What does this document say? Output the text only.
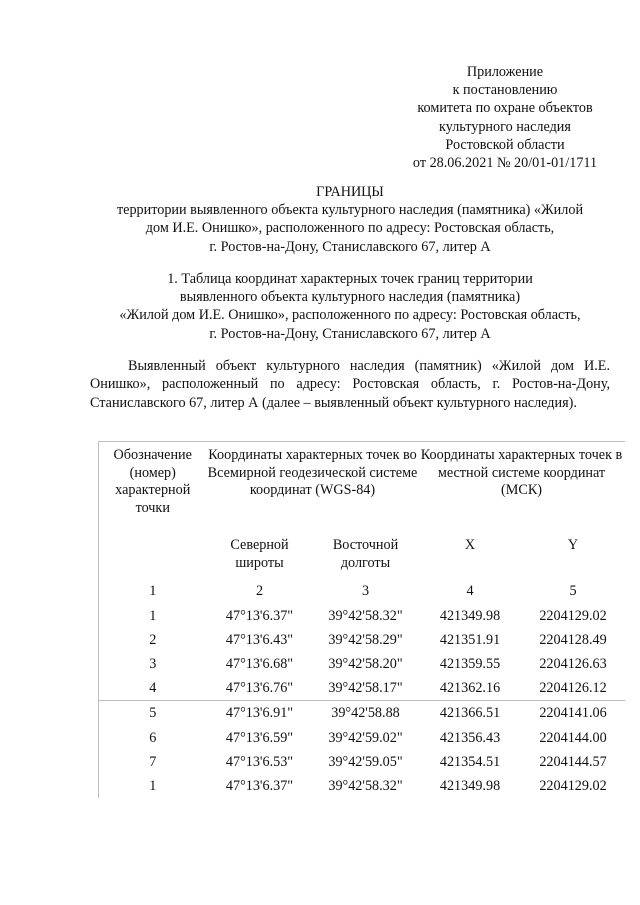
Приложение
к постановлению
комитета по охране объектов
культурного наследия
Ростовской области
от 28.06.2021 № 20/01-01/1711
ГРАНИЦЫ
территории выявленного объекта культурного наследия (памятника) «Жилой
дом И.Е. Онишко», расположенного по адресу: Ростовская область,
г. Ростов-на-Дону, Станиславского 67, литер А
1. Таблица координат характерных точек границ территории
выявленного объекта культурного наследия (памятника)
«Жилой дом И.Е. Онишко», расположенного по адресу: Ростовская область,
г. Ростов-на-Дону, Станиславского 67, литер А
Выявленный объект культурного наследия (памятник) «Жилой дом И.Е. Онишко», расположенный по адресу: Ростовская область, г. Ростов-на-Дону, Станиславского 67, литер А (далее – выявленный объект культурного наследия).
Обозначение (номер) характерной точки	Координаты характерных точек во Всемирной геодезической системе координат (WGS-84)		Координаты характерных точек в местной системе координат (МСК)	
	Северной широты	Восточной долготы	X	Y
1	2	3	4	5
1	47°13'6.37"	39°42'58.32"	421349.98	2204129.02
2	47°13'6.43"	39°42'58.29"	421351.91	2204128.49
3	47°13'6.68"	39°42'58.20"	421359.55	2204126.63
4	47°13'6.76"	39°42'58.17"	421362.16	2204126.12
5	47°13'6.91"	39°42'58.88	421366.51	2204141.06
6	47°13'6.59"	39°42'59.02"	421356.43	2204144.00
7	47°13'6.53"	39°42'59.05"	421354.51	2204144.57
1	47°13'6.37"	39°42'58.32"	421349.98	2204129.02
